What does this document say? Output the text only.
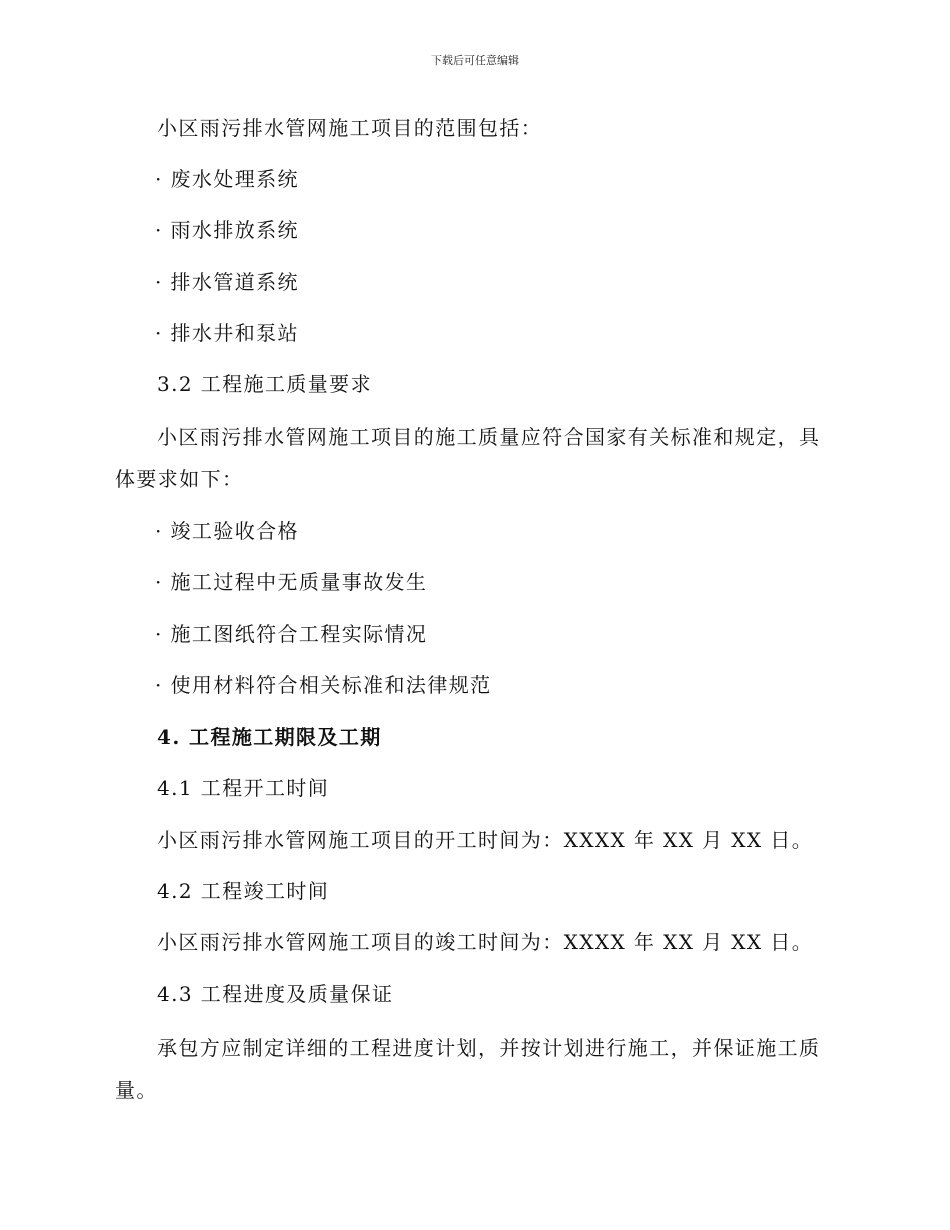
下载后可任意编辑
小区雨污排水管网施工项目的范围包括：
· 废水处理系统
· 雨水排放系统
· 排水管道系统
· 排水井和泵站
3.2 工程施工质量要求
小区雨污排水管网施工项目的施工质量应符合国家有关标准和规定，具
体要求如下：
· 竣工验收合格
· 施工过程中无质量事故发生
· 施工图纸符合工程实际情况
· 使用材料符合相关标准和法律规范
4. 工程施工期限及工期
4.1 工程开工时间
小区雨污排水管网施工项目的开工时间为：XXXX 年 XX 月 XX 日。
4.2 工程竣工时间
小区雨污排水管网施工项目的竣工时间为：XXXX 年 XX 月 XX 日。
4.3 工程进度及质量保证
承包方应制定详细的工程进度计划，并按计划进行施工，并保证施工质
量。
